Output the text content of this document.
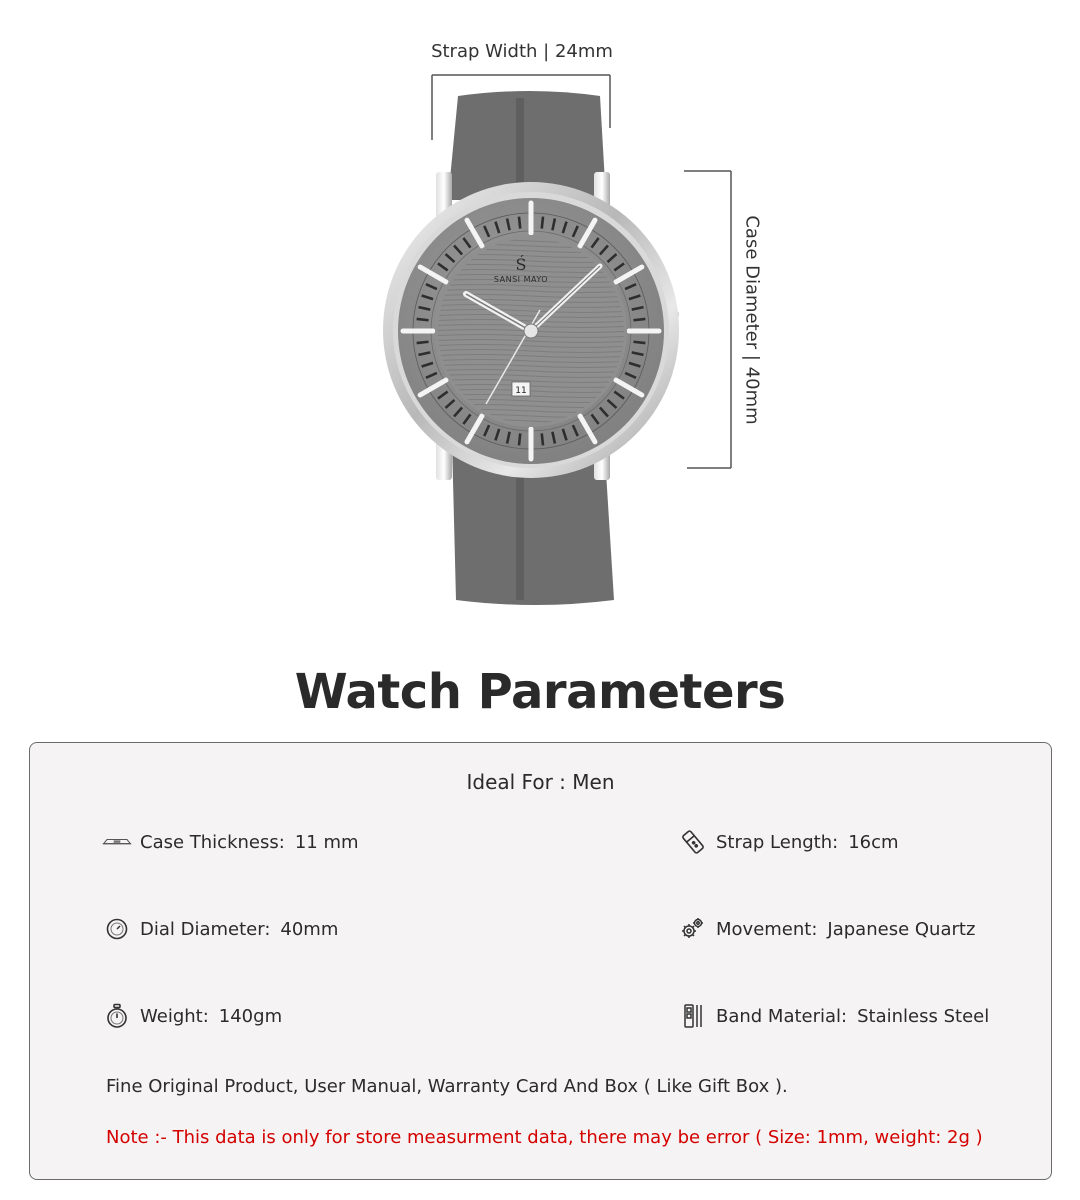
Strap Width | 24mm
Case Diameter | 40mm
Ś
SANSI MAYO
11
Watch Parameters
Ideal For : Men
Case Thickness: 11 mm	Strap Length: 16cm
Dial Diameter: 40mm	Movement: Japanese Quartz
Weight: 140gm	Band Material: Stainless Steel
Fine Original Product, User Manual, Warranty Card And Box ( Like Gift Box ).
Note :- This data is only for store measurment data, there may be error ( Size: 1mm, weight: 2g )
